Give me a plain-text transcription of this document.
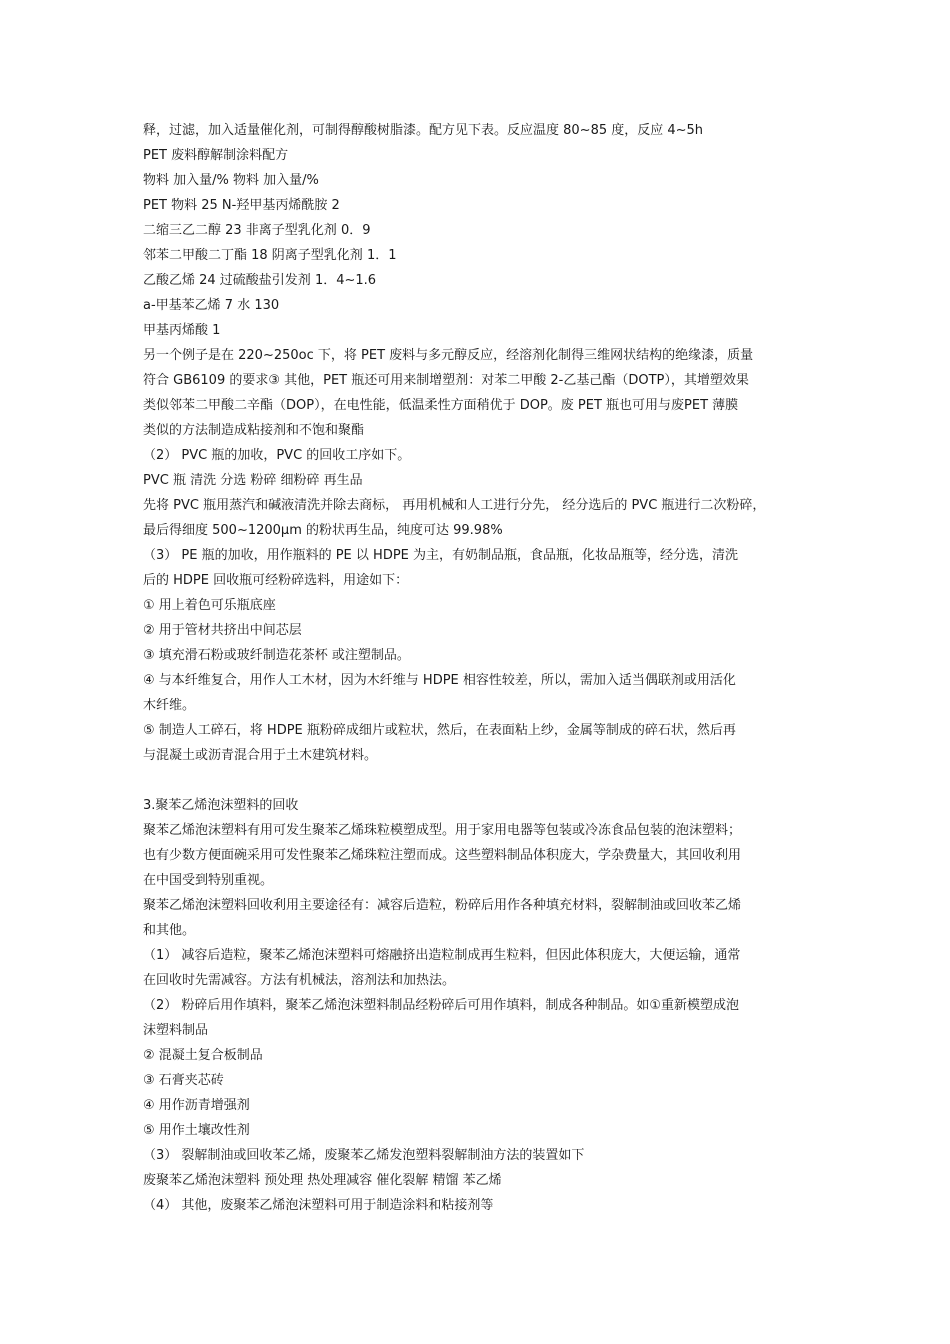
释，过滤，加入适量催化剂，可制得醇酸树脂漆。配方见下表。反应温度 80~85 度，反应 4~5h
PET 废料醇解制涂料配方
物料 加入量/% 物料 加入量/%
PET 物料 25 N-羟甲基丙烯酰胺 2
二缩三乙二醇 23 非离子型乳化剂 0．9
邻苯二甲酸二丁酯 18 阴离子型乳化剂 1．1
乙酸乙烯 24 过硫酸盐引发剂 1．4~1.6
a-甲基苯乙烯 7 水 130
甲基丙烯酸 1
另一个例子是在 220~250oc 下，将 PET 废料与多元醇反应，经溶剂化制得三维网状结构的绝缘漆，质量
符合 GB6109 的要求③ 其他，PET 瓶还可用来制增塑剂：对苯二甲酸 2-乙基己酯（DOTP），其增塑效果
类似邻苯二甲酸二辛酯（DOP），在电性能，低温柔性方面稍优于 DOP。废 PET 瓶也可用与废PET 薄膜
类似的方法制造成粘接剂和不饱和聚酯
（2） PVC 瓶的加收，PVC 的回收工序如下。
PVC 瓶 清洗 分选 粉碎 细粉碎 再生品
先将 PVC 瓶用蒸汽和碱液清洗并除去商标， 再用机械和人工进行分先， 经分选后的 PVC 瓶进行二次粉碎，
最后得细度 500~1200μm 的粉状再生品，纯度可达 99.98%
（3） PE 瓶的加收，用作瓶料的 PE 以 HDPE 为主，有奶制品瓶，食品瓶，化妆品瓶等，经分选，清洗
后的 HDPE 回收瓶可经粉碎选料，用途如下：
① 用上着色可乐瓶底座
② 用于管材共挤出中间芯层
③ 填充滑石粉或玻纤制造花茶杯 或注塑制品。
④ 与本纤维复合，用作人工木材，因为木纤维与 HDPE 相容性较差，所以，需加入适当偶联剂或用活化
木纤维。
⑤ 制造人工碎石，将 HDPE 瓶粉碎成细片或粒状，然后，在表面粘上纱，金属等制成的碎石状，然后再
与混凝土或沥青混合用于土木建筑材料。
3.聚苯乙烯泡沫塑料的回收
聚苯乙烯泡沫塑料有用可发生聚苯乙烯珠粒模塑成型。用于家用电器等包装或冷冻食品包装的泡沫塑料；
也有少数方便面碗采用可发性聚苯乙烯珠粒注塑而成。这些塑料制品体积庞大，学杂费量大，其回收利用
在中国受到特别重视。
聚苯乙烯泡沫塑料回收利用主要途径有：减容后造粒，粉碎后用作各种填充材料，裂解制油或回收苯乙烯
和其他。
（1） 减容后造粒，聚苯乙烯泡沫塑料可熔融挤出造粒制成再生粒料，但因此体积庞大，大便运输，通常
在回收时先需减容。方法有机械法，溶剂法和加热法。
（2） 粉碎后用作填料，聚苯乙烯泡沫塑料制品经粉碎后可用作填料，制成各种制品。如①重新模塑成泡
沫塑料制品
② 混凝土复合板制品
③ 石膏夹芯砖
④ 用作沥青增强剂
⑤ 用作土壤改性剂
（3） 裂解制油或回收苯乙烯，废聚苯乙烯发泡塑料裂解制油方法的装置如下
废聚苯乙烯泡沫塑料 预处理 热处理减容 催化裂解 精馏 苯乙烯
（4） 其他，废聚苯乙烯泡沫塑料可用于制造涂料和粘接剂等
